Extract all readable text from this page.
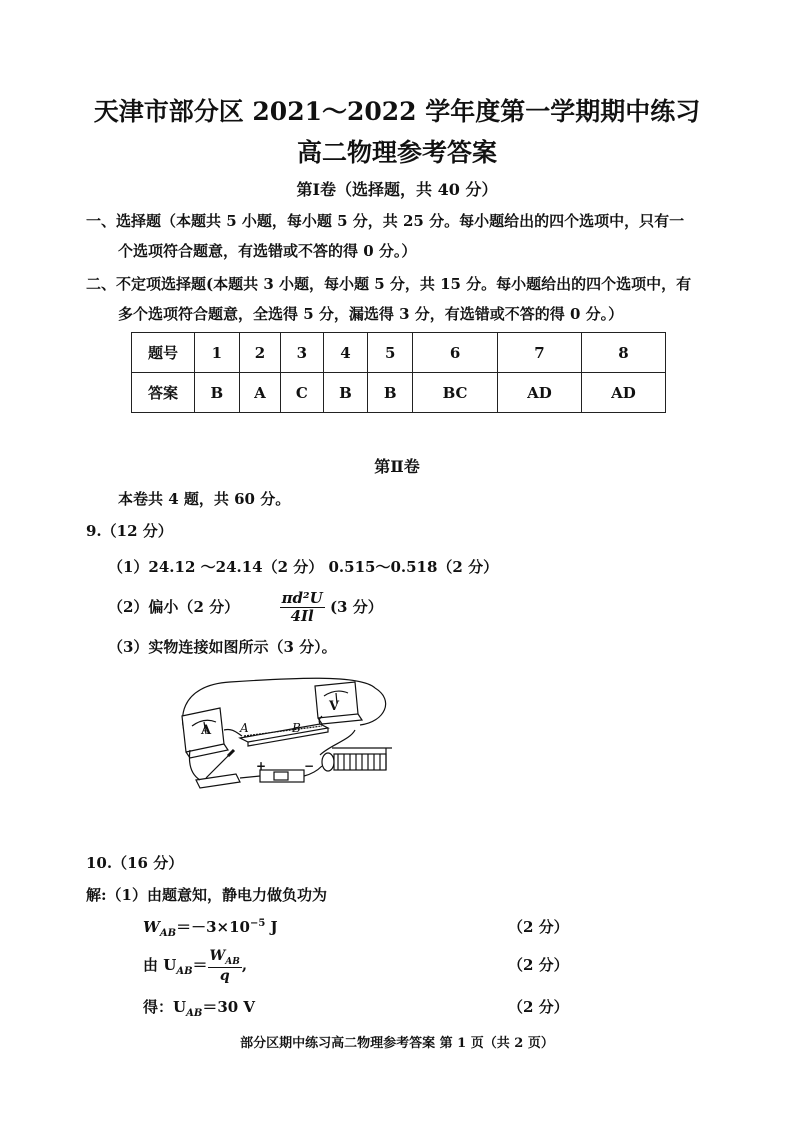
天津市部分区 2021～2022 学年度第一学期期中练习
高二物理参考答案
第Ⅰ卷（选择题，共 40 分）
一、选择题（本题共 5 小题，每小题 5 分，共 25 分。每小题给出的四个选项中，只有一
个选项符合题意，有选错或不答的得 0 分。）
二、不定项选择题(本题共 3 小题，每小题 5 分，共 15 分。每小题给出的四个选项中，有
多个选项符合题意，全选得 5 分，漏选得 3 分，有选错或不答的得 0 分。）
题号	1	2	3	4	5	6	7	8
答案	B	A	C	B	B	BC	AD	AD
第Ⅱ卷
本卷共 4 题，共 60 分。
9.（12 分）
（1）24.12 ～24.14（2 分） 0.515～0.518（2 分）
（2）偏小（2 分）	$\frac{\text{πd²U}}{4Il} (3$ 分）
（3）实物连接如图所示（3 分）。
A
V
A	B
+	−
10.（16 分）
解:（1）由题意知，静电力做负功为
$W_{AB}=-3\times 10^{-5}$ J	（2 分）
由 $U_{AB}= \frac{W_{AB}}{q}$ ,	（2 分）
得：$U_{AB}=30$ V	（2 分）
部分区期中练习高二物理参考答案 第 1 页（共 2 页）
